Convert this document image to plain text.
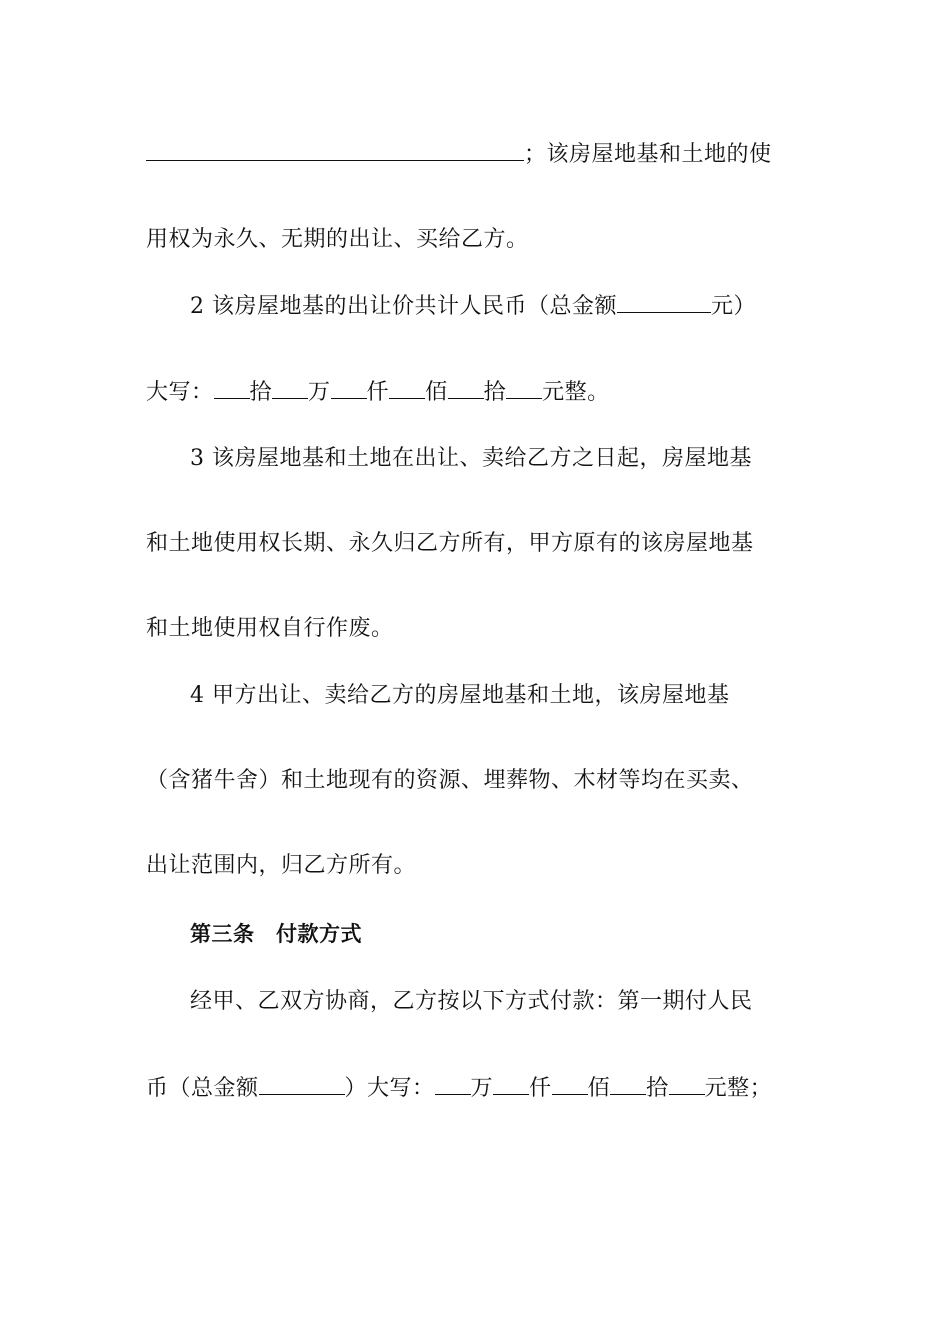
；该房屋地基和土地的使
用权为永久、无期的出让、买给乙方。
2 该房屋地基的出让价共计人民币（总金额	元）
大写： 拾 万 仟 佰 拾 元整。
3 该房屋地基和土地在出让、卖给乙方之日起，房屋地基
和土地使用权长期、永久归乙方所有，甲方原有的该房屋地基
和土地使用权自行作废。
4 甲方出让、卖给乙方的房屋地基和土地，该房屋地基
（含猪牛舍）和土地现有的资源、埋葬物、木材等均在买卖、
出让范围内，归乙方所有。
第三条　付款方式
经甲、乙双方协商，乙方按以下方式付款：第一期付人民
币（总金额	）大写： 万 仟 佰 拾 元整；
